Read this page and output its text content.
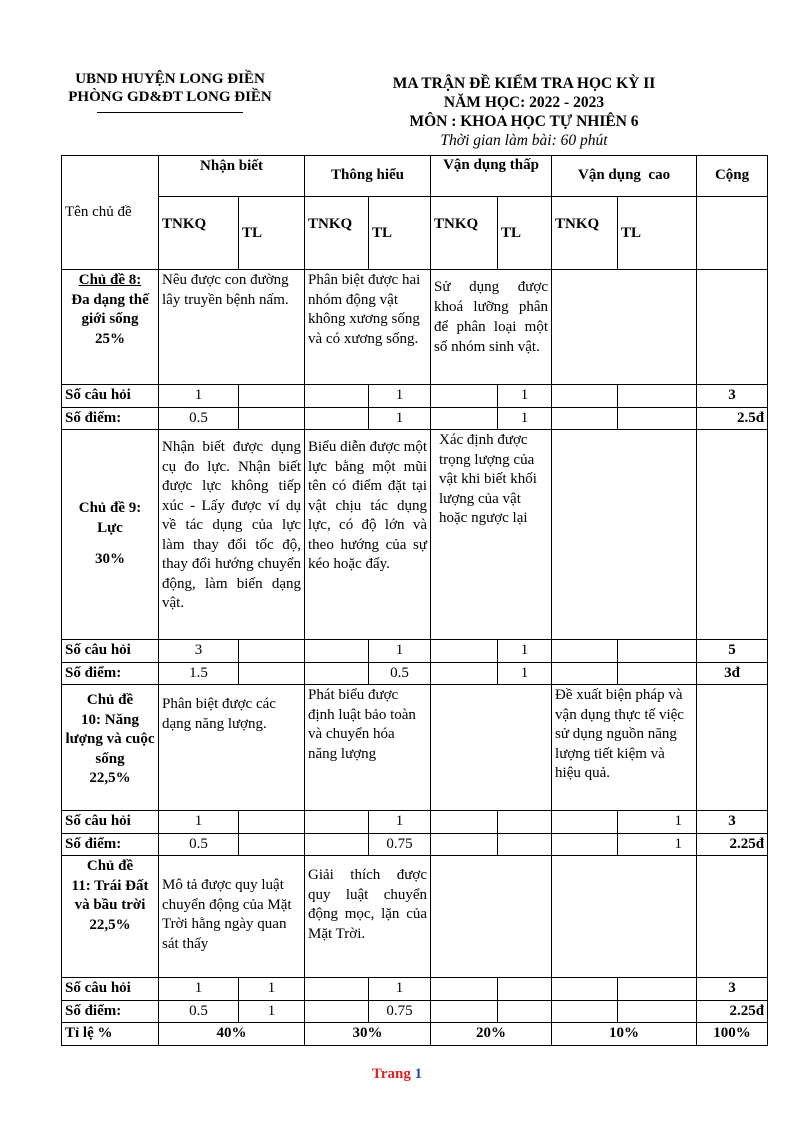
UBND HUYỆN LONG ĐIỀN
PHÒNG GD&ĐT LONG ĐIỀN
MA TRẬN ĐỀ KIỂM TRA HỌC KỲ II
NĂM HỌC: 2022 - 2023
MÔN : KHOA HỌC TỰ NHIÊN 6
Thời gian làm bài: 60 phút
Tên chủ đề	Nhận biết		Thông hiểu		Vận dụng thấp		Vận dụng  cao		Cộng
	TNKQ	TL	TNKQ	TL	TNKQ	TL	TNKQ	TL	
Chủ đề 8:
Đa dạng thế giới sống
25%	Nêu được con đường lây truyền bệnh nấm.		Phân biệt được hai nhóm động vật không xương sống và có xương sống.		Sử dụng được khoá lưỡng phân để phân loại một số nhóm sinh vật.				
Số câu hỏi	1			1		1			3
Số điểm:	0.5			1		1			2.5đ
Chủ đề 9:
Lực

30%	Nhận biết được dụng cụ đo lực. Nhận biết được lực không tiếp xúc - Lấy được ví dụ về tác dụng của lực làm thay đổi tốc độ, thay đổi hướng chuyển động, làm biến dạng vật.		Biểu diễn được một lực bằng một mũi tên có điểm đặt tại vật chịu tác dụng lực, có độ lớn và theo hướng của sự kéo hoặc đẩy.		Xác định được trọng lượng của vật khi biết khối lượng của vật hoặc ngược lại				
Số câu hỏi	3			1		1			5
Số điểm:	1.5			0.5		1			3đ
Chủ đề
10: Năng lượng và cuộc sống
22,5%	Phân biệt được các dạng năng lượng.		Phát biểu được định luật bảo toàn và chuyển hóa năng lượng				Đề xuất biện pháp và vận dụng thực tế việc sử dụng nguồn năng lượng tiết kiệm và hiệu quả.		
Số câu hỏi	1			1				1	3
Số điểm:	0.5			0.75				1	2.25đ
Chủ đề
11: Trái Đất và bầu trời
22,5%	Mô tả được quy luật chuyển động của Mặt Trời hằng ngày quan sát thấy		Giải thích được quy luật chuyển động mọc, lặn của Mặt Trời.						
Số câu hỏi	1	1		1					3
Số điểm:	0.5	1		0.75					2.25đ
Tỉ lệ %	40%		30%		20%		10%		100%
Trang 1
